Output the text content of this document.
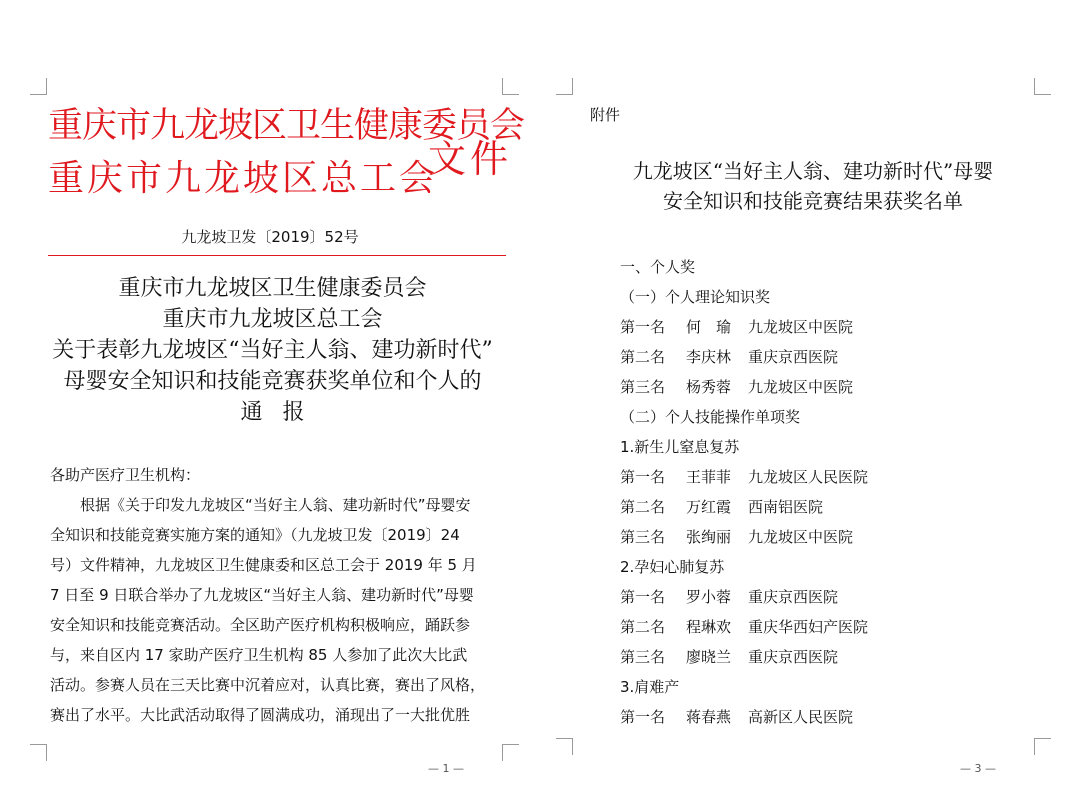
重庆市九龙坡区卫生健康委员会
重庆市九龙坡区总工会
文件
九龙坡卫发〔2019〕52号
重庆市九龙坡区卫生健康委员会
重庆市九龙坡区总工会
关于表彰九龙坡区“当好主人翁、建功新时代”
母婴安全知识和技能竞赛获奖单位和个人的
通报
各助产医疗卫生机构：
　　根据《关于印发九龙坡区“当好主人翁、建功新时代”母婴安
全知识和技能竞赛实施方案的通知》（九龙坡卫发〔2019〕24
号）文件精神，九龙坡区卫生健康委和区总工会于 2019 年 5 月
7 日至 9 日联合举办了九龙坡区“当好主人翁、建功新时代”母婴
安全知识和技能竞赛活动。全区助产医疗机构积极响应，踊跃参
与，来自区内 17 家助产医疗卫生机构 85 人参加了此次大比武
活动。参赛人员在三天比赛中沉着应对，认真比赛，赛出了风格，
赛出了水平。大比武活动取得了圆满成功，涌现出了一大批优胜
— 1 —
附件
九龙坡区“当好主人翁、建功新时代”母婴
安全知识和技能竞赛结果获奖名单
一、个人奖
（一）个人理论知识奖
第一名 何　瑜 九龙坡区中医院
第二名 李庆林 重庆京西医院
第三名 杨秀蓉 九龙坡区中医院
（二）个人技能操作单项奖
1.新生儿窒息复苏
第一名 王菲菲 九龙坡区人民医院
第二名 万红霞 西南铝医院
第三名 张绚丽 九龙坡区中医院
2.孕妇心肺复苏
第一名 罗小蓉 重庆京西医院
第二名 程琳欢 重庆华西妇产医院
第三名 廖晓兰 重庆京西医院
3.肩难产
第一名 蒋春燕 高新区人民医院
— 3 —
